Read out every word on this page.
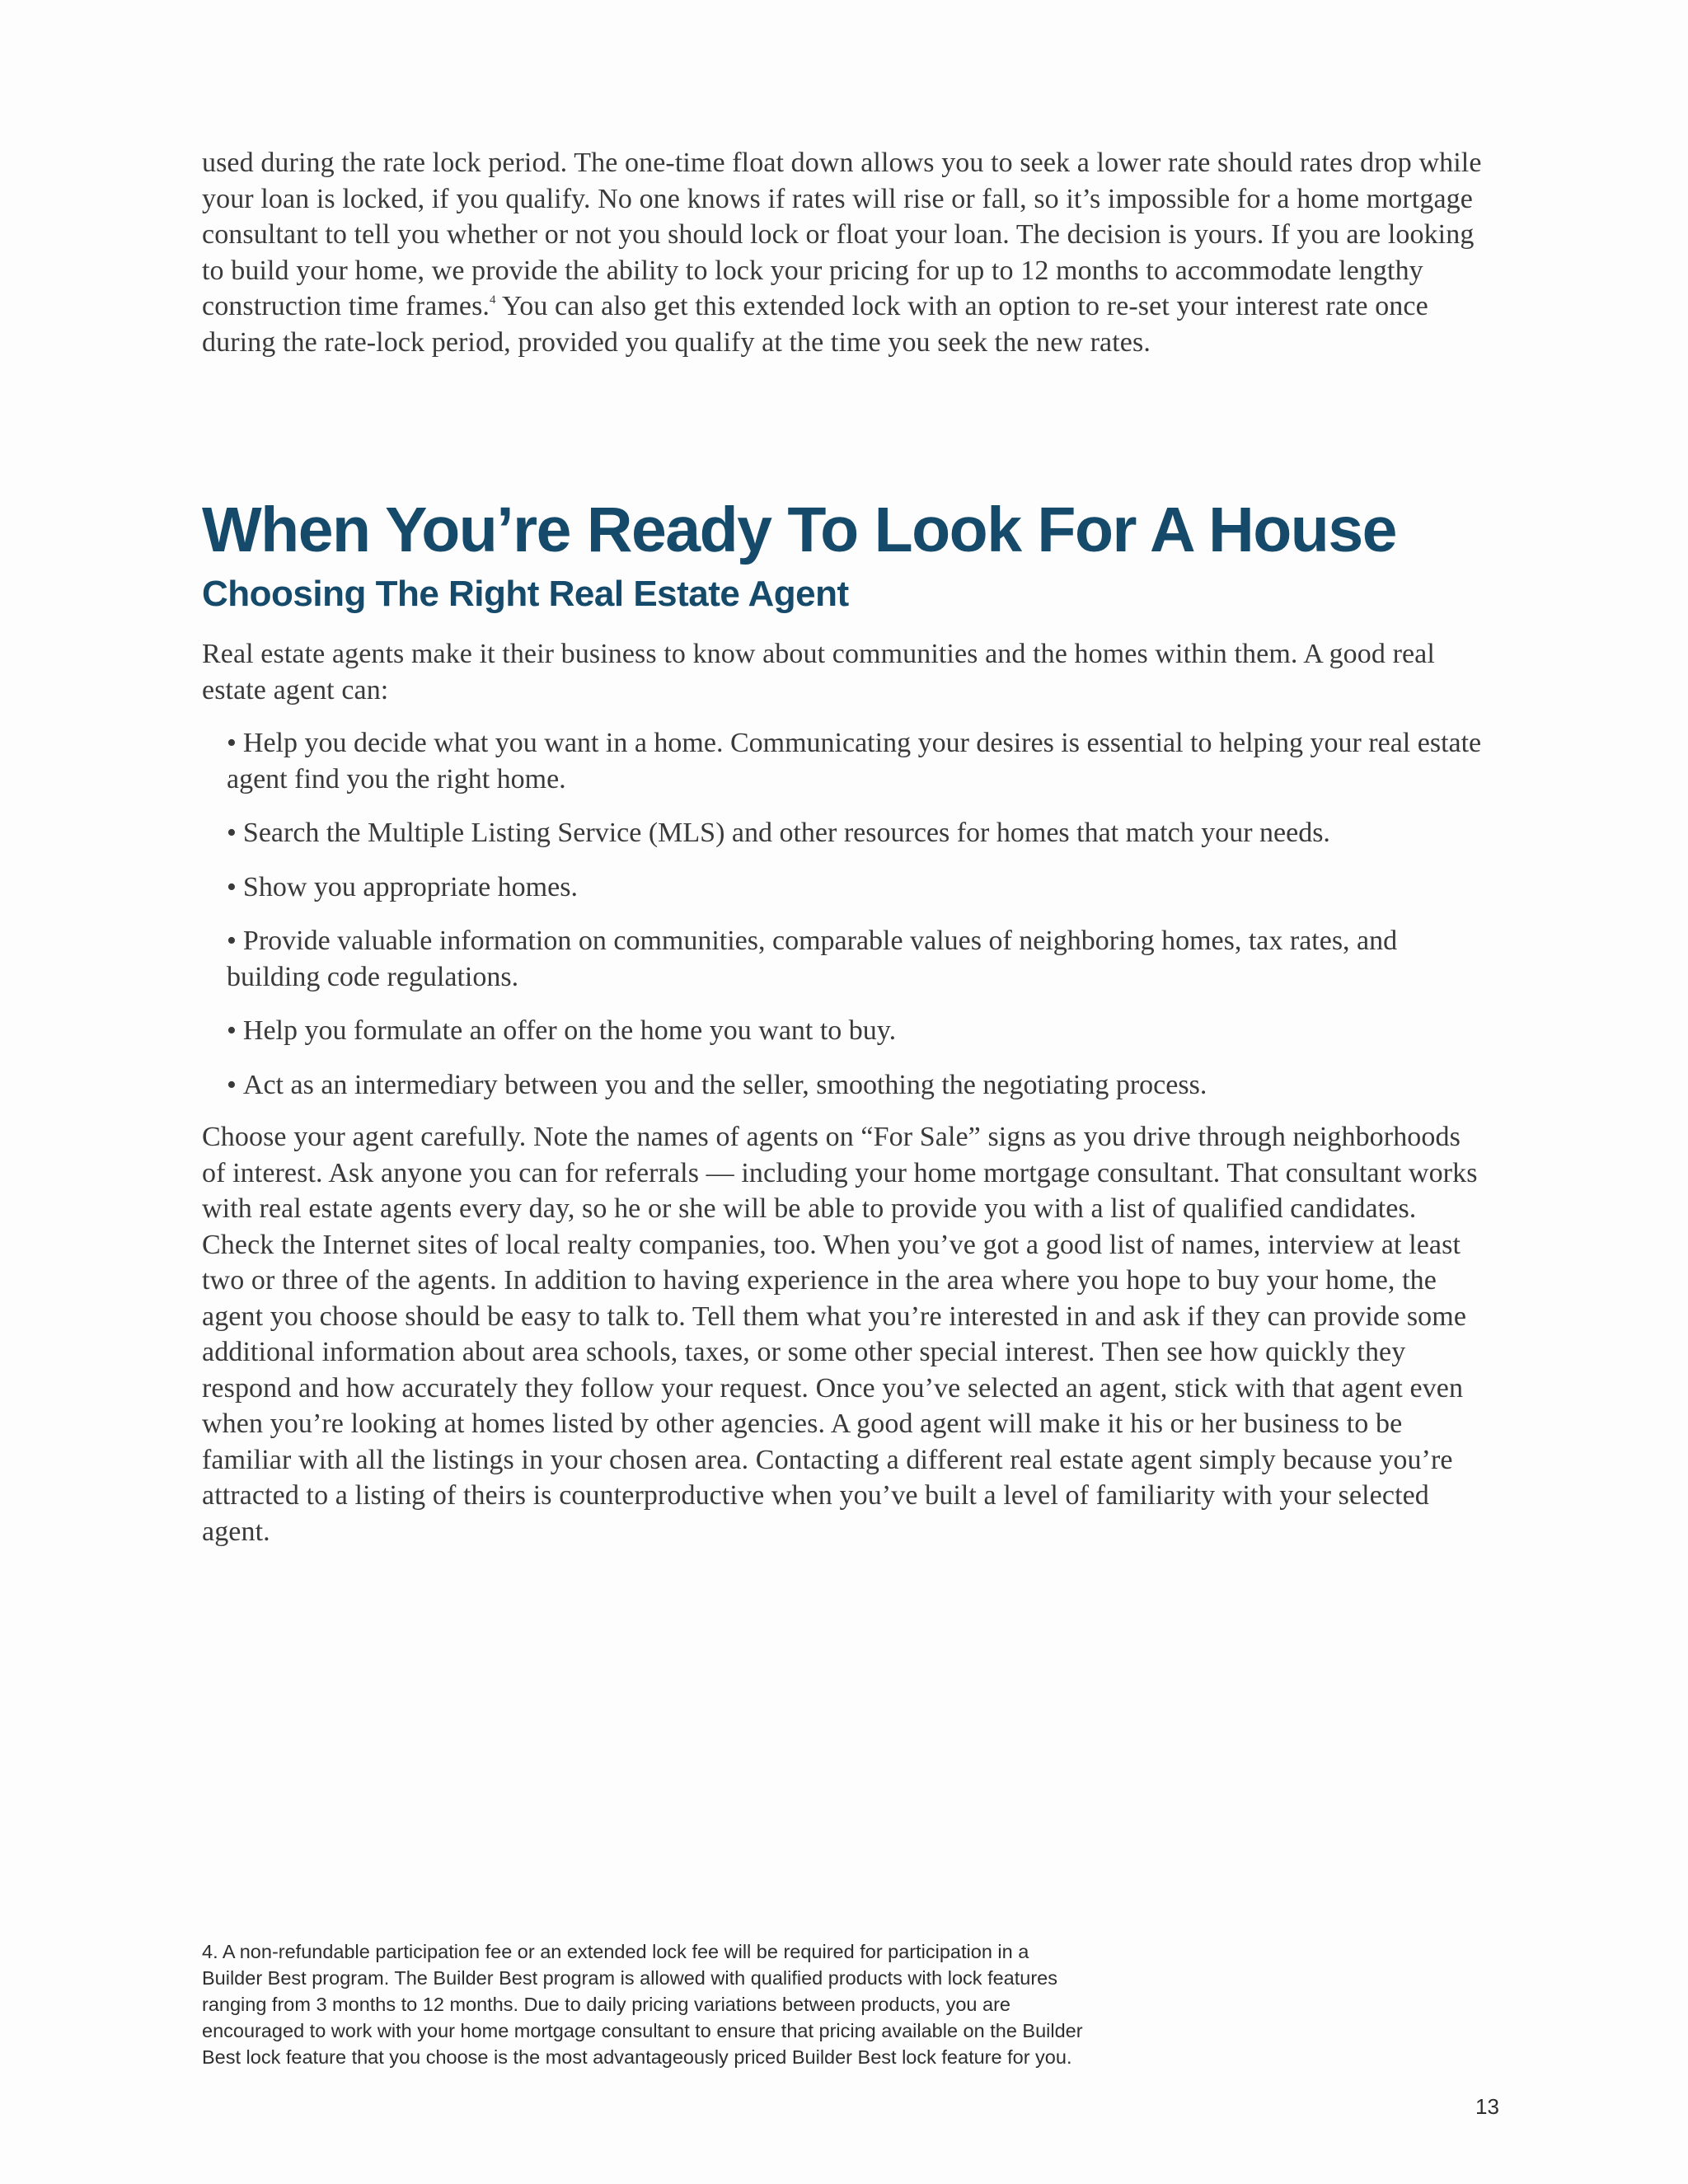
used during the rate lock period. The one-time float down allows you to seek a lower rate should rates drop while your loan is locked, if you qualify. No one knows if rates will rise or fall, so it’s impossible for a home mortgage consultant to tell you whether or not you should lock or float your loan. The decision is yours. If you are looking to build your home, we provide the ability to lock your pricing for up to 12 months to accommodate lengthy construction time frames.$^4$ You can also get this extended lock with an option to re-set your interest rate once during the rate-lock period, provided you qualify at the time you seek the new rates.

When You’re Ready To Look For A House
Choosing The Right Real Estate Agent

Real estate agents make it their business to know about communities and the homes within them. A good real estate agent can:

• Help you decide what you want in a home. Communicating your desires is essential to helping your real estate agent find you the right home.
• Search the Multiple Listing Service (MLS) and other resources for homes that match your needs.
• Show you appropriate homes.
• Provide valuable information on communities, comparable values of neighboring homes, tax rates, and building code regulations.
• Help you formulate an offer on the home you want to buy.
• Act as an intermediary between you and the seller, smoothing the negotiating process.

Choose your agent carefully. Note the names of agents on “For Sale” signs as you drive through neighborhoods of interest. Ask anyone you can for referrals — including your home mortgage consultant. That consultant works with real estate agents every day, so he or she will be able to provide you with a list of qualified candidates. Check the Internet sites of local realty companies, too. When you’ve got a good list of names, interview at least two or three of the agents. In addition to having experience in the area where you hope to buy your home, the agent you choose should be easy to talk to. Tell them what you’re interested in and ask if they can provide some additional information about area schools, taxes, or some other special interest. Then see how quickly they respond and how accurately they follow your request. Once you’ve selected an agent, stick with that agent even when you’re looking at homes listed by other agencies. A good agent will make it his or her business to be familiar with all the listings in your chosen area. Contacting a different real estate agent simply because you’re attracted to a listing of theirs is counterproductive when you’ve built a level of familiarity with your selected agent.

4. A non-refundable participation fee or an extended lock fee will be required for participation in a Builder Best program. The Builder Best program is allowed with qualified products with lock features ranging from 3 months to 12 months. Due to daily pricing variations between products, you are encouraged to work with your home mortgage consultant to ensure that pricing available on the Builder Best lock feature that you choose is the most advantageously priced Builder Best lock feature for you.

13
